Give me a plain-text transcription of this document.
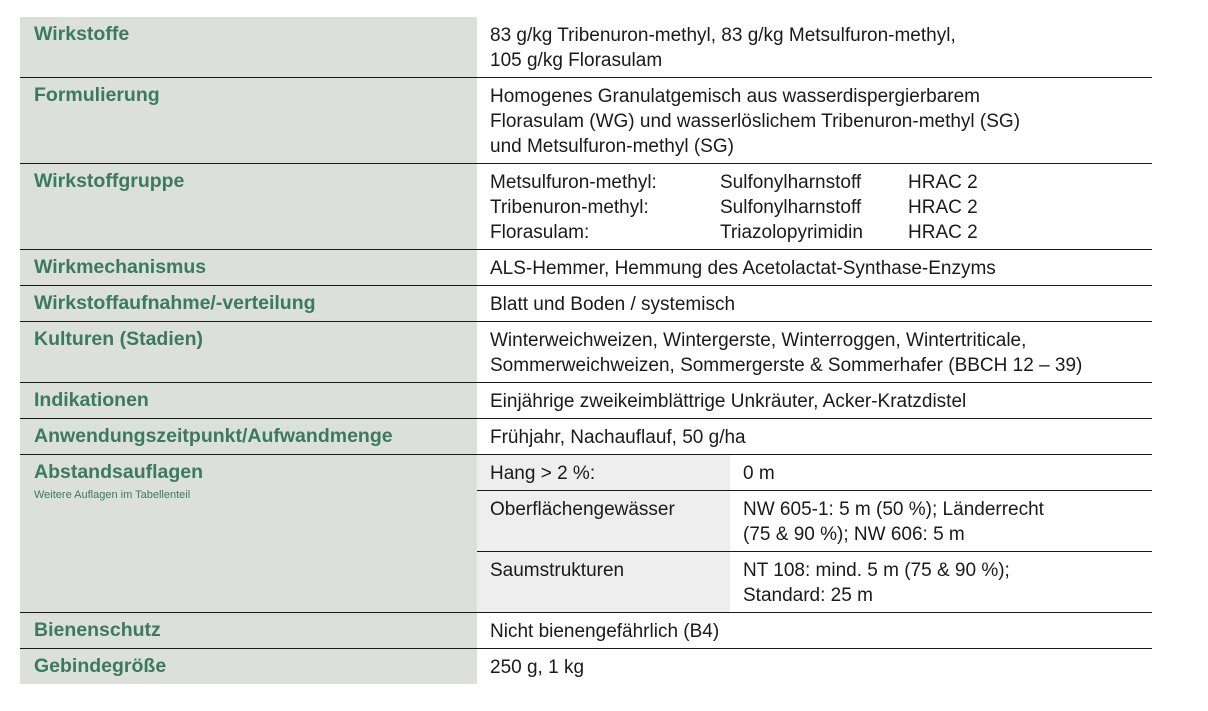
Wirkstoffe	83 g/kg Tribenuron-methyl, 83 g/kg Metsulfuron-methyl,
105 g/kg Florasulam
Formulierung	Homogenes Granulatgemisch aus wasserdispergierbarem
Florasulam (WG) und wasserlöslichem Tribenuron-methyl (SG)
und Metsulfuron-methyl (SG)
Wirkstoffgruppe	Metsulfuron-methyl:	Sulfonylharnstoff	HRAC 2
Tribenuron-methyl:	Sulfonylharnstoff	HRAC 2
Florasulam:	Triazolopyrimidin	HRAC 2
Wirkmechanismus	ALS-Hemmer, Hemmung des Acetolactat-Synthase-Enzyms
Wirkstoffaufnahme/-verteilung	Blatt und Boden / systemisch
Kulturen (Stadien)	Winterweichweizen, Wintergerste, Winterroggen, Wintertriticale,
Sommerweichweizen, Sommergerste & Sommerhafer (BBCH 12 – 39)
Indikationen	Einjährige zweikeimblättrige Unkräuter, Acker-Kratzdistel
Anwendungszeitpunkt/Aufwandmenge	Frühjahr, Nachauflauf, 50 g/ha
Abstandsauflagen
Weitere Auflagen im Tabellenteil
Hang > 2 %:	0 m
Oberflächengewässer	NW 605-1: 5 m (50 %); Länderrecht
(75 & 90 %); NW 606: 5 m
Saumstrukturen	NT 108: mind. 5 m (75 & 90 %);
Standard: 25 m
Bienenschutz	Nicht bienengefährlich (B4)
Gebindegröße	250 g, 1 kg
